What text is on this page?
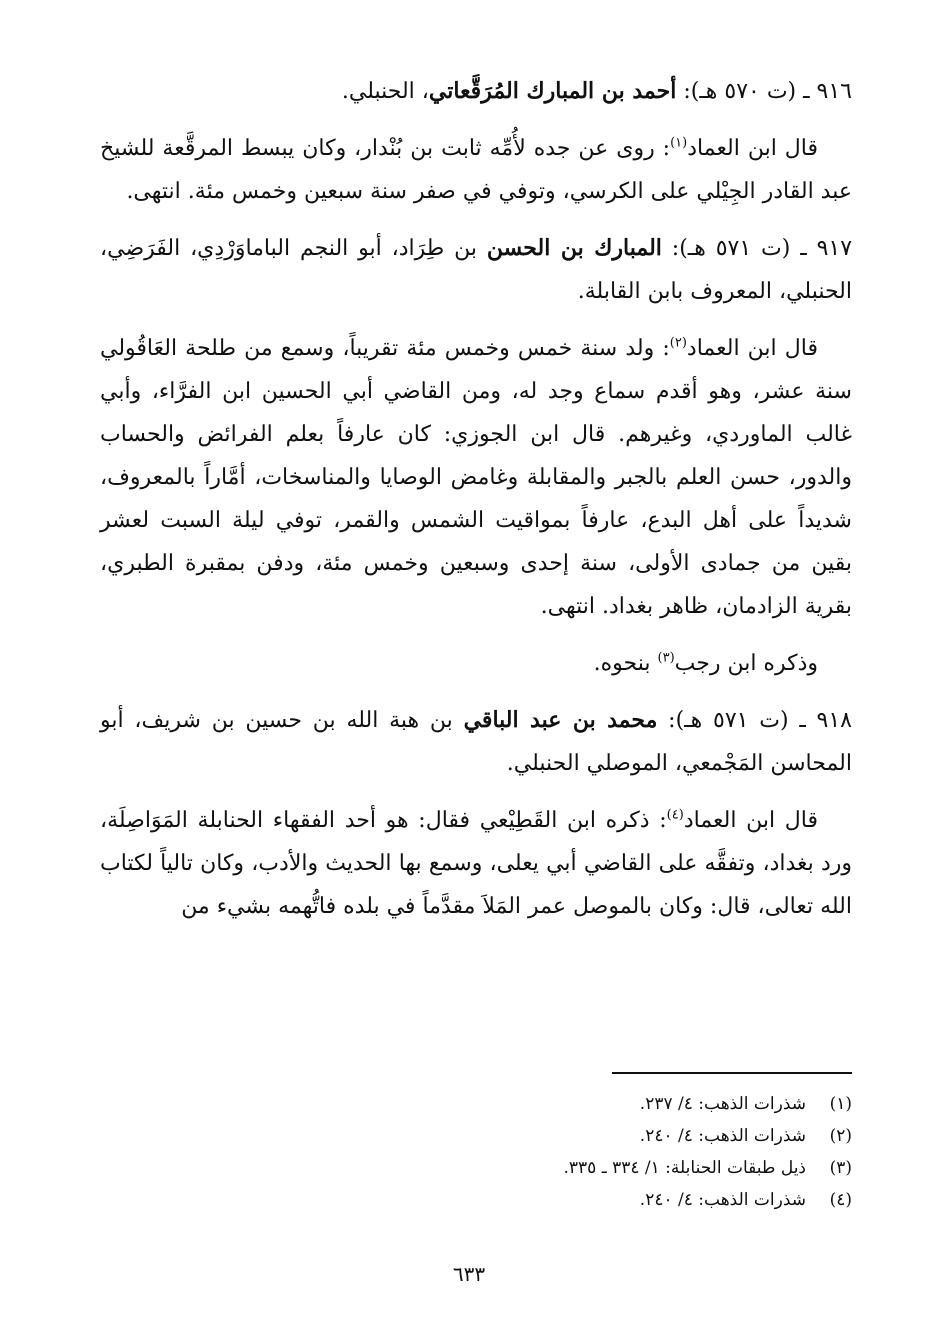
٩١٦ ـ (ت ٥٧٠ هـ): أحمد بن المبارك المُرَقَّعاتي، الحنبلي.

قال ابن العماد$^{(١)}$: روى عن جده لأُمِّه ثابت بن بُنْدار، وكان يبسط المرقَّعة للشيخ عبد القادر الجِيْلي على الكرسي، وتوفي في صفر سنة سبعين وخمس مئة. انتهى.

٩١٧ ـ (ت ٥٧١ هـ): المبارك بن الحسن بن طِرَاد، أبو النجم الباماوَرْدِي، الفَرَضِي، الحنبلي، المعروف بابن القابلة.

قال ابن العماد$^{(٢)}$: ولد سنة خمس وخمس مئة تقريباً، وسمع من طلحة العَاقُولي سنة عشر، وهو أقدم سماع وجد له، ومن القاضي أبي الحسين ابن الفرَّاء، وأبي غالب الماوردي، وغيرهم. قال ابن الجوزي: كان عارفاً بعلم الفرائض والحساب والدور، حسن العلم بالجبر والمقابلة وغامض الوصايا والمناسخات، أمَّاراً بالمعروف، شديداً على أهل البدع، عارفاً بمواقيت الشمس والقمر، توفي ليلة السبت لعشر بقين من جمادى الأولى، سنة إحدى وسبعين وخمس مئة، ودفن بمقبرة الطبري، بقرية الزادمان، ظاهر بغداد. انتهى.

وذكره ابن رجب$^{(٣)}$ بنحوه.

٩١٨ ـ (ت ٥٧١ هـ): محمد بن عبد الباقي بن هبة الله بن حسين بن شريف، أبو المحاسن المَجْمعي، الموصلي الحنبلي.

قال ابن العماد$^{(٤)}$: ذكره ابن القَطِيْعي فقال: هو أحد الفقهاء الحنابلة المَوَاصِلَة، ورد بغداد، وتفقَّه على القاضي أبي يعلى، وسمع بها الحديث والأدب، وكان تالياً لكتاب الله تعالى، قال: وكان بالموصل عمر المَلاَ مقدَّماً في بلده فاتُّهمه بشيء من

(١)
شذرات الذهب: ٤/ ٢٣٧.
(٢)
شذرات الذهب: ٤/ ٢٤٠.
(٣)
ذيل طبقات الحنابلة: ١/ ٣٣٤ ـ ٣٣٥.
(٤)
شذرات الذهب: ٤/ ٢٤٠.
٦٣٣
